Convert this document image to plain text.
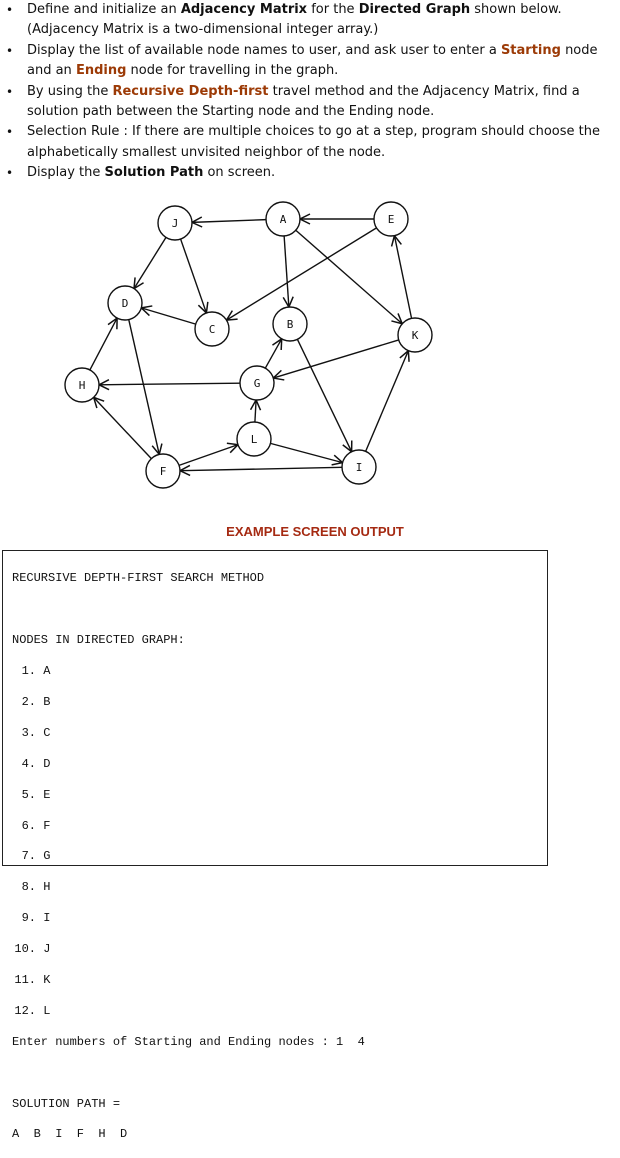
• Define and initialize an Adjacency Matrix for the Directed Graph shown below.
(Adjacency Matrix is a two-dimensional integer array.)
• Display the list of available node names to user, and ask user to enter a Starting node and an Ending node for travelling in the graph.
• By using the Recursive Depth-first travel method and the Adjacency Matrix, find a solution path between the Starting node and the Ending node.
• Selection Rule : If there are multiple choices to go at a step, program should choose the alphabetically smallest unvisited neighbor of the node.
• Display the Solution Path on screen.
J	A	E
D
C	B
K
H	G
L
F	I
EXAMPLE SCREEN OUTPUT

RECURSIVE DEPTH-FIRST SEARCH METHOD

NODES IN DIRECTED GRAPH:

1. A

2. B

3. C

4. D

5. E

6. F

7. G

8. H

9. I

10. J

11. K

12. L

Enter numbers of Starting and Ending nodes : 1  4

SOLUTION PATH =

A  B  I  F  H  D
